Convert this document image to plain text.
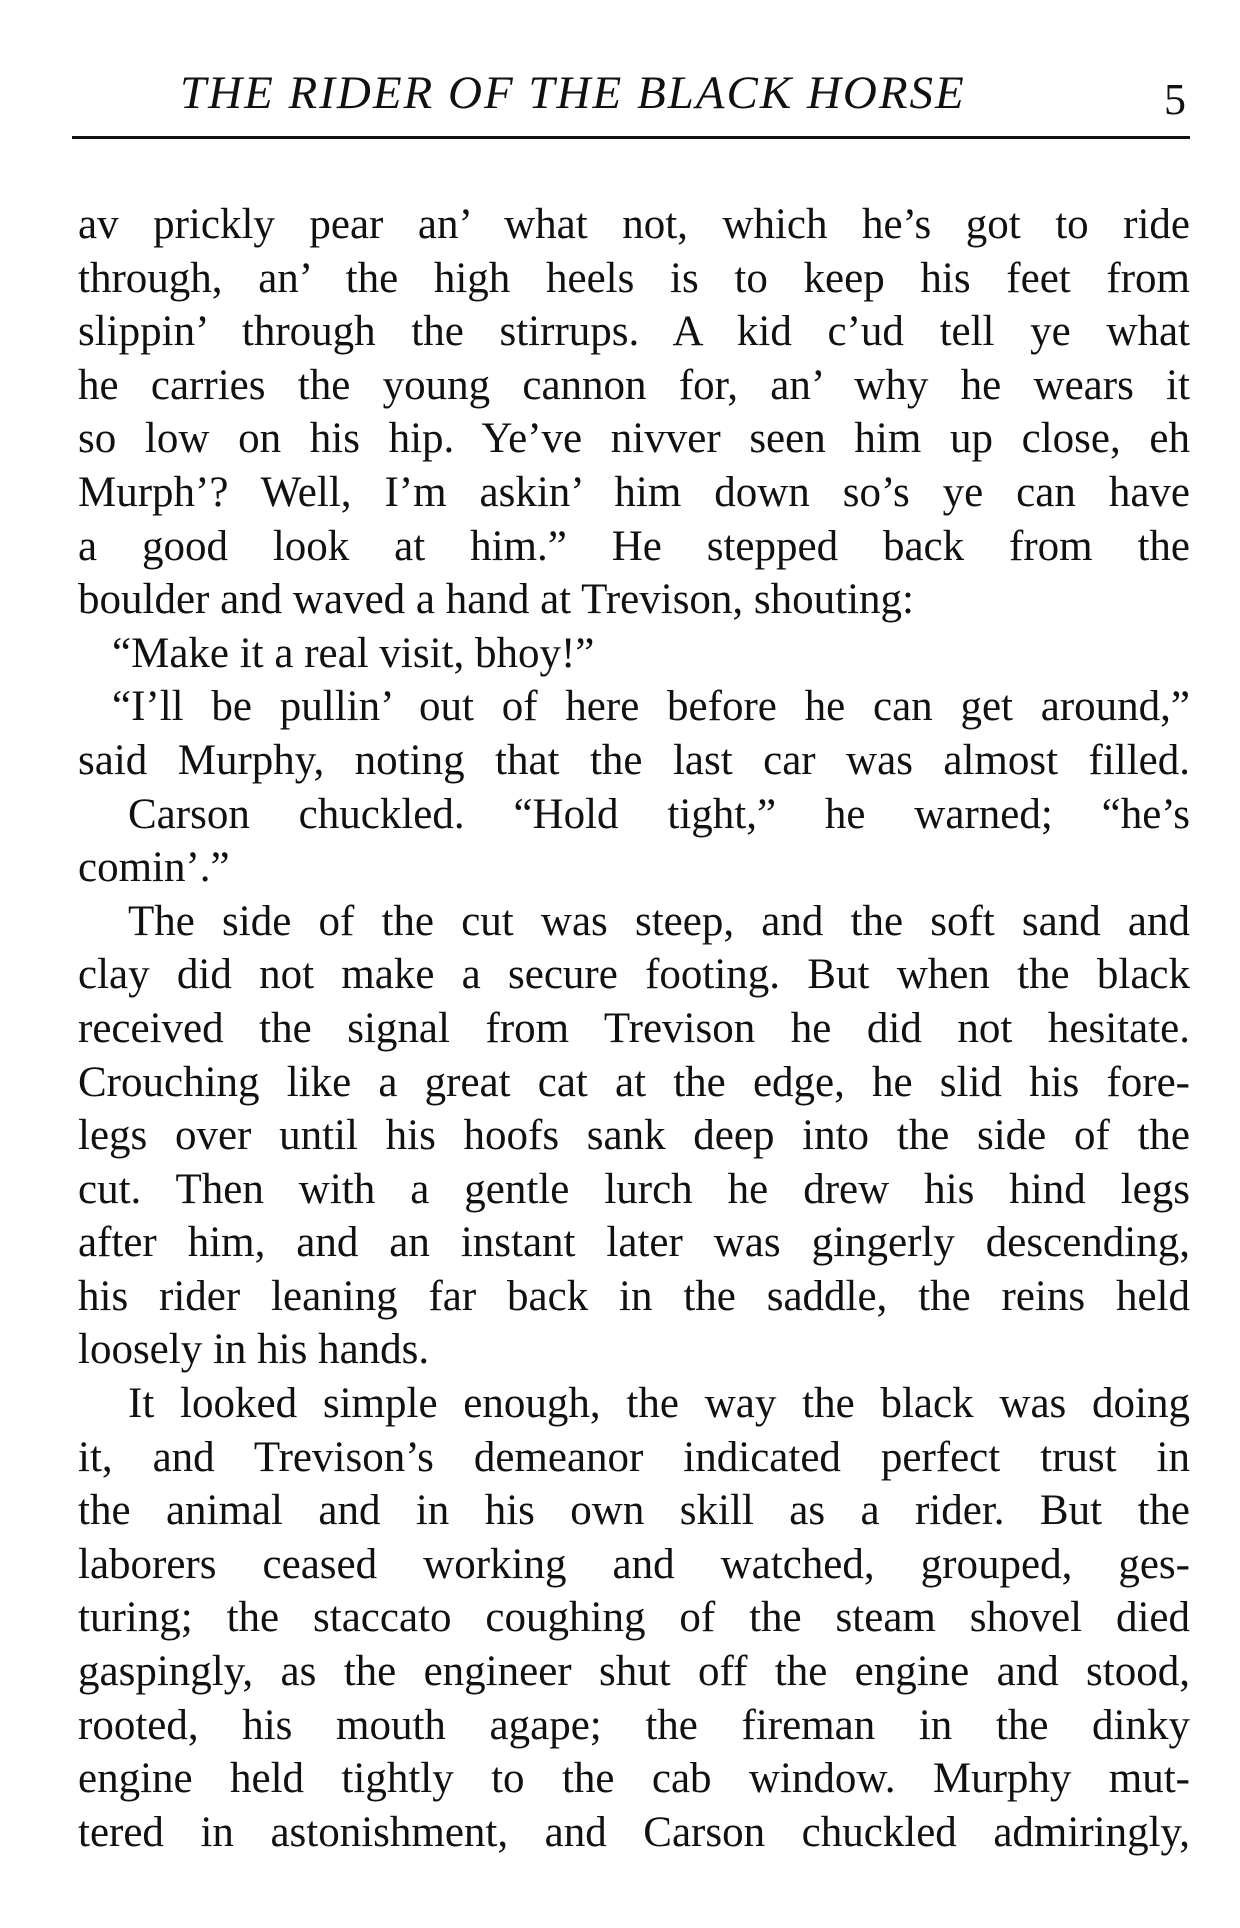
THE RIDER OF THE BLACK HORSE	5
av prickly pear an’ what not, which he’s got to ride
through, an’ the high heels is to keep his feet from
slippin’ through the stirrups. A kid c’ud tell ye what
he carries the young cannon for, an’ why he wears it
so low on his hip. Ye’ve nivver seen him up close, eh
Murph’? Well, I’m askin’ him down so’s ye can have
a good look at him.” He stepped back from the
boulder and waved a hand at Trevison, shouting:
“Make it a real visit, bhoy!”
“I’ll be pullin’ out of here before he can get around,”
said Murphy, noting that the last car was almost filled.
Carson chuckled. “Hold tight,” he warned; “he’s
comin’.”
The side of the cut was steep, and the soft sand and
clay did not make a secure footing. But when the black
received the signal from Trevison he did not hesitate.
Crouching like a great cat at the edge, he slid his fore-
legs over until his hoofs sank deep into the side of the
cut. Then with a gentle lurch he drew his hind legs
after him, and an instant later was gingerly descending,
his rider leaning far back in the saddle, the reins held
loosely in his hands.
It looked simple enough, the way the black was doing
it, and Trevison’s demeanor indicated perfect trust in
the animal and in his own skill as a rider. But the
laborers ceased working and watched, grouped, ges-
turing; the staccato coughing of the steam shovel died
gaspingly, as the engineer shut off the engine and stood,
rooted, his mouth agape; the fireman in the dinky
engine held tightly to the cab window. Murphy mut-
tered in astonishment, and Carson chuckled admiringly,
